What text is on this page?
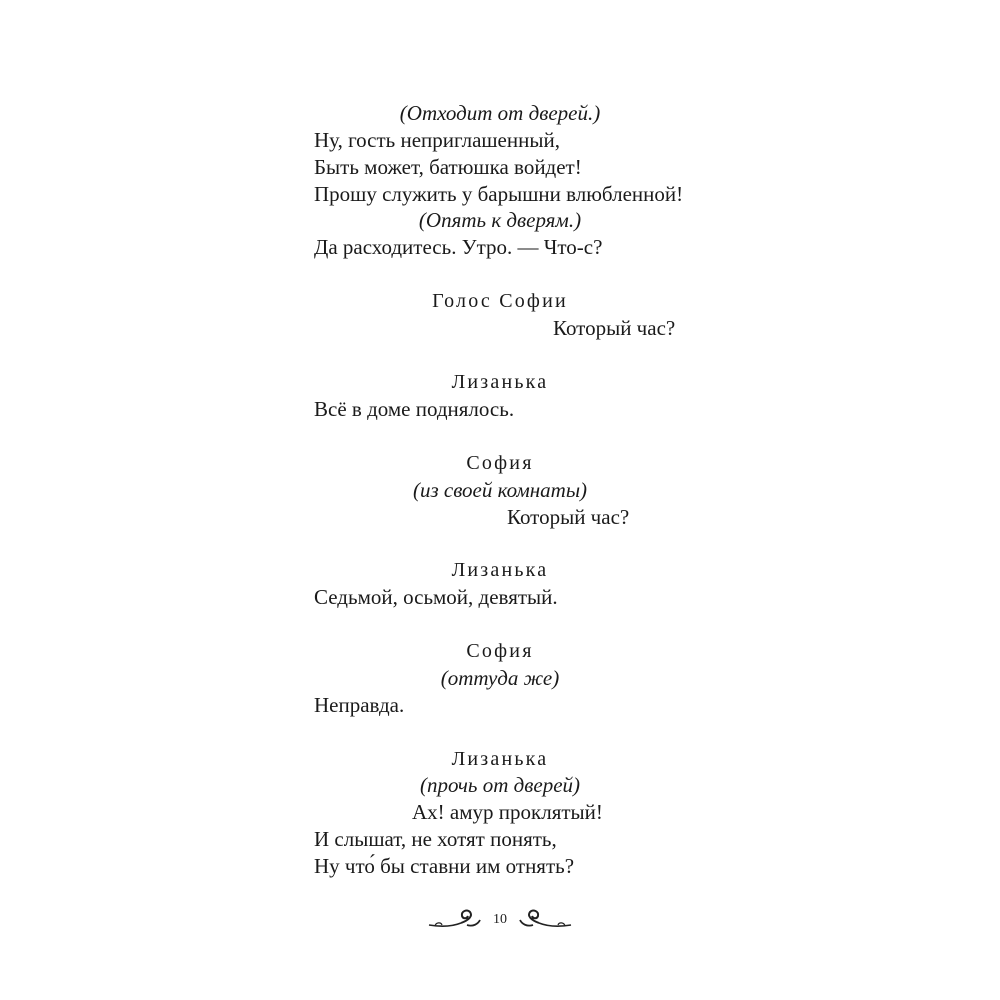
(Отходит от дверей.)
Ну, гость неприглашенный,
Быть может, батюшка войдет!
Прошу служить у барышни влюбленной!
(Опять к дверям.)
Да расходитесь. Утро. — Что-с?
Голос Софии
Который час?
Лизанька
Всё в доме поднялось.
София
(из своей комнаты)
Который час?
Лизанька
Седьмой, осьмой, девятый.
София
(оттуда же)
Неправда.
Лизанька
(прочь от дверей)
Ах! амур проклятый!
И слышат, не хотят понять,
Ну что́ бы ставни им отнять?
10
